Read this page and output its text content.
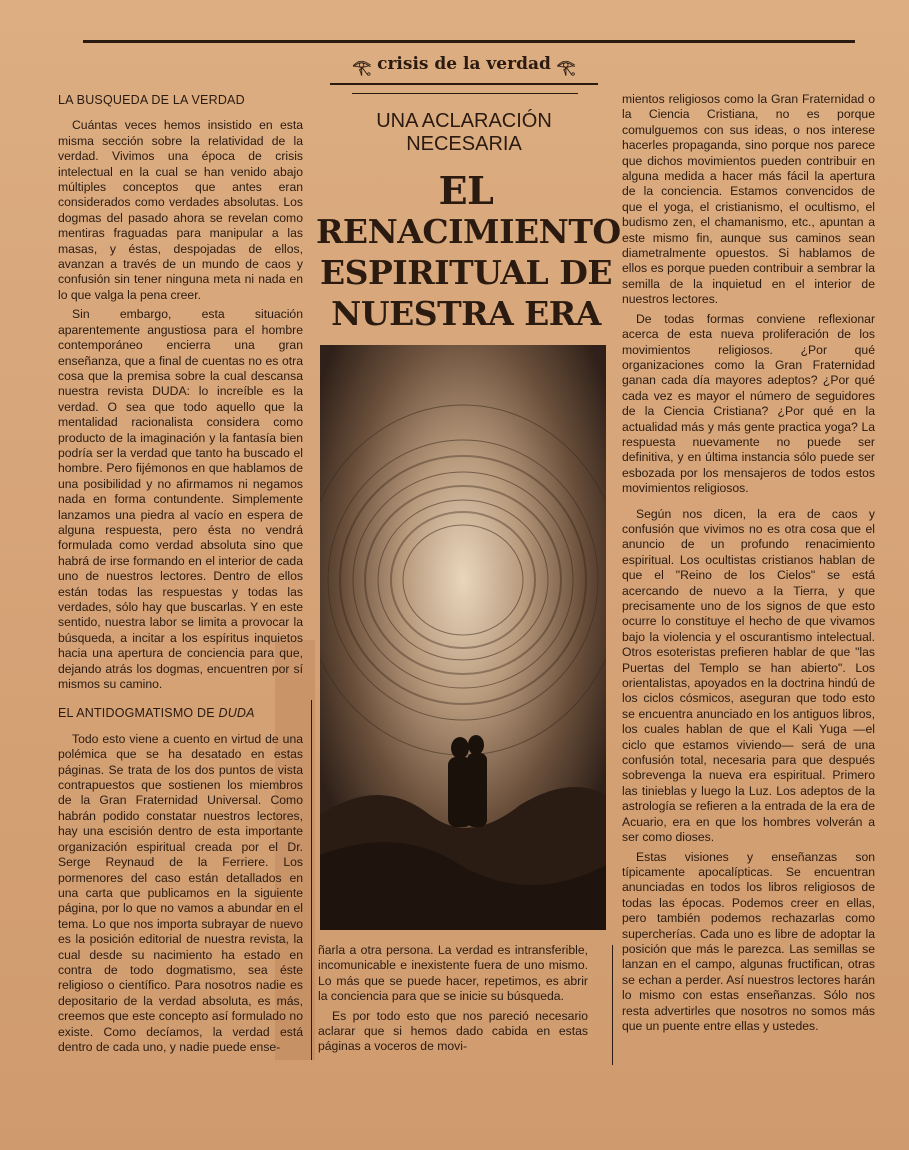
𓂀 crisis de la verdad 𓂀
LA BUSQUEDA DE LA VERDAD

Cuántas veces hemos insistido en esta misma sección sobre la relatividad de la verdad. Vivimos una época de crisis intelectual en la cual se han venido abajo múltiples conceptos que antes eran considerados como verdades absolutas. Los dogmas del pasado ahora se revelan como mentiras fraguadas para manipular a las masas, y éstas, despojadas de ellos, avanzan a través de un mundo de caos y confusión sin tener ninguna meta ni nada en lo que valga la pena creer.

Sin embargo, esta situación aparentemente angustiosa para el hombre contemporáneo encierra una gran enseñanza, que a final de cuentas no es otra cosa que la premisa sobre la cual descansa nuestra revista DUDA: lo increíble es la verdad. O sea que todo aquello que la mentalidad racionalista considera como producto de la imaginación y la fantasía bien podría ser la verdad que tanto ha buscado el hombre. Pero fijémonos en que hablamos de una posibilidad y no afirmamos ni negamos nada en forma contundente. Simplemente lanzamos una piedra al vacío en espera de alguna respuesta, pero ésta no vendrá formulada como verdad absoluta sino que habrá de irse formando en el interior de cada uno de nuestros lectores. Dentro de ellos están todas las respuestas y todas las verdades, sólo hay que buscarlas. Y en este sentido, nuestra labor se limita a provocar la búsqueda, a incitar a los espíritus inquietos hacia una apertura de conciencia para que, dejando atrás los dogmas, encuentren por sí mismos su camino.

EL ANTIDOGMATISMO DE DUDA

Todo esto viene a cuento en virtud de una polémica que se ha desatado en estas páginas. Se trata de los dos puntos de vista contrapuestos que sostienen los miembros de la Gran Fraternidad Universal. Como habrán podido constatar nuestros lectores, hay una escisión dentro de esta importante organización espiritual creada por el Dr. Serge Reynaud de la Ferriere. Los pormenores del caso están detallados en una carta que publicamos en la siguiente página, por lo que no vamos a abundar en el tema. Lo que nos importa subrayar de nuevo es la posición editorial de nuestra revista, la cual desde su nacimiento ha estado en contra de todo dogmatismo, sea éste religioso o científico. Para nosotros nadie es depositario de la verdad absoluta, es más, creemos que este concepto así formulado no existe. Como decíamos, la verdad está dentro de cada uno, y nadie puede ense-

UNA ACLARACIÓN
NECESARIA
EL
RENACIMIENTO
ESPIRITUAL DE
NUESTRA ERA

ñarla a otra persona. La verdad es intransferible, incomunicable e inexistente fuera de uno mismo. Lo más que se puede hacer, repetimos, es abrir la conciencia para que se inicie su búsqueda.

Es por todo esto que nos pareció necesario aclarar que si hemos dado cabida en estas páginas a voceros de movi-

mientos religiosos como la Gran Fraternidad o la Ciencia Cristiana, no es porque comulguemos con sus ideas, o nos interese hacerles propaganda, sino porque nos parece que dichos movimientos pueden contribuir en alguna medida a hacer más fácil la apertura de la conciencia. Estamos convencidos de que el yoga, el cristianismo, el ocultismo, el budismo zen, el chamanismo, etc., apuntan a este mismo fin, aunque sus caminos sean diametralmente opuestos. Si hablamos de ellos es porque pueden contribuir a sembrar la semilla de la inquietud en el interior de nuestros lectores.

De todas formas conviene reflexionar acerca de esta nueva proliferación de los movimientos religiosos. ¿Por qué organizaciones como la Gran Fraternidad ganan cada día mayores adeptos? ¿Por qué cada vez es mayor el número de seguidores de la Ciencia Cristiana? ¿Por qué en la actualidad más y más gente practica yoga? La respuesta nuevamente no puede ser definitiva, y en última instancia sólo puede ser esbozada por los mensajeros de todos estos movimientos religiosos.

Según nos dicen, la era de caos y confusión que vivimos no es otra cosa que el anuncio de un profundo renacimiento espiritual. Los ocultistas cristianos hablan de que el "Reino de los Cielos" se está acercando de nuevo a la Tierra, y que precisamente uno de los signos de que esto ocurre lo constituye el hecho de que vivamos bajo la violencia y el oscurantismo intelectual. Otros esoteristas prefieren hablar de que "las Puertas del Templo se han abierto". Los orientalistas, apoyados en la doctrina hindú de los ciclos cósmicos, aseguran que todo esto se encuentra anunciado en los antiguos libros, los cuales hablan de que el Kali Yuga —el ciclo que estamos viviendo— será de una confusión total, necesaria para que después sobrevenga la nueva era espiritual. Primero las tinieblas y luego la Luz. Los adeptos de la astrología se refieren a la entrada de la era de Acuario, era en que los hombres volverán a ser como dioses.

Estas visiones y enseñanzas son típicamente apocalípticas. Se encuentran anunciadas en todos los libros religiosos de todas las épocas. Podemos creer en ellas, pero también podemos rechazarlas como supercherías. Cada uno es libre de adoptar la posición que más le parezca. Las semillas se lanzan en el campo, algunas fructifican, otras se echan a perder. Así nuestros lectores harán lo mismo con estas enseñanzas. Sólo nos resta advertirles que nosotros no somos más que un puente entre ellas y ustedes.
